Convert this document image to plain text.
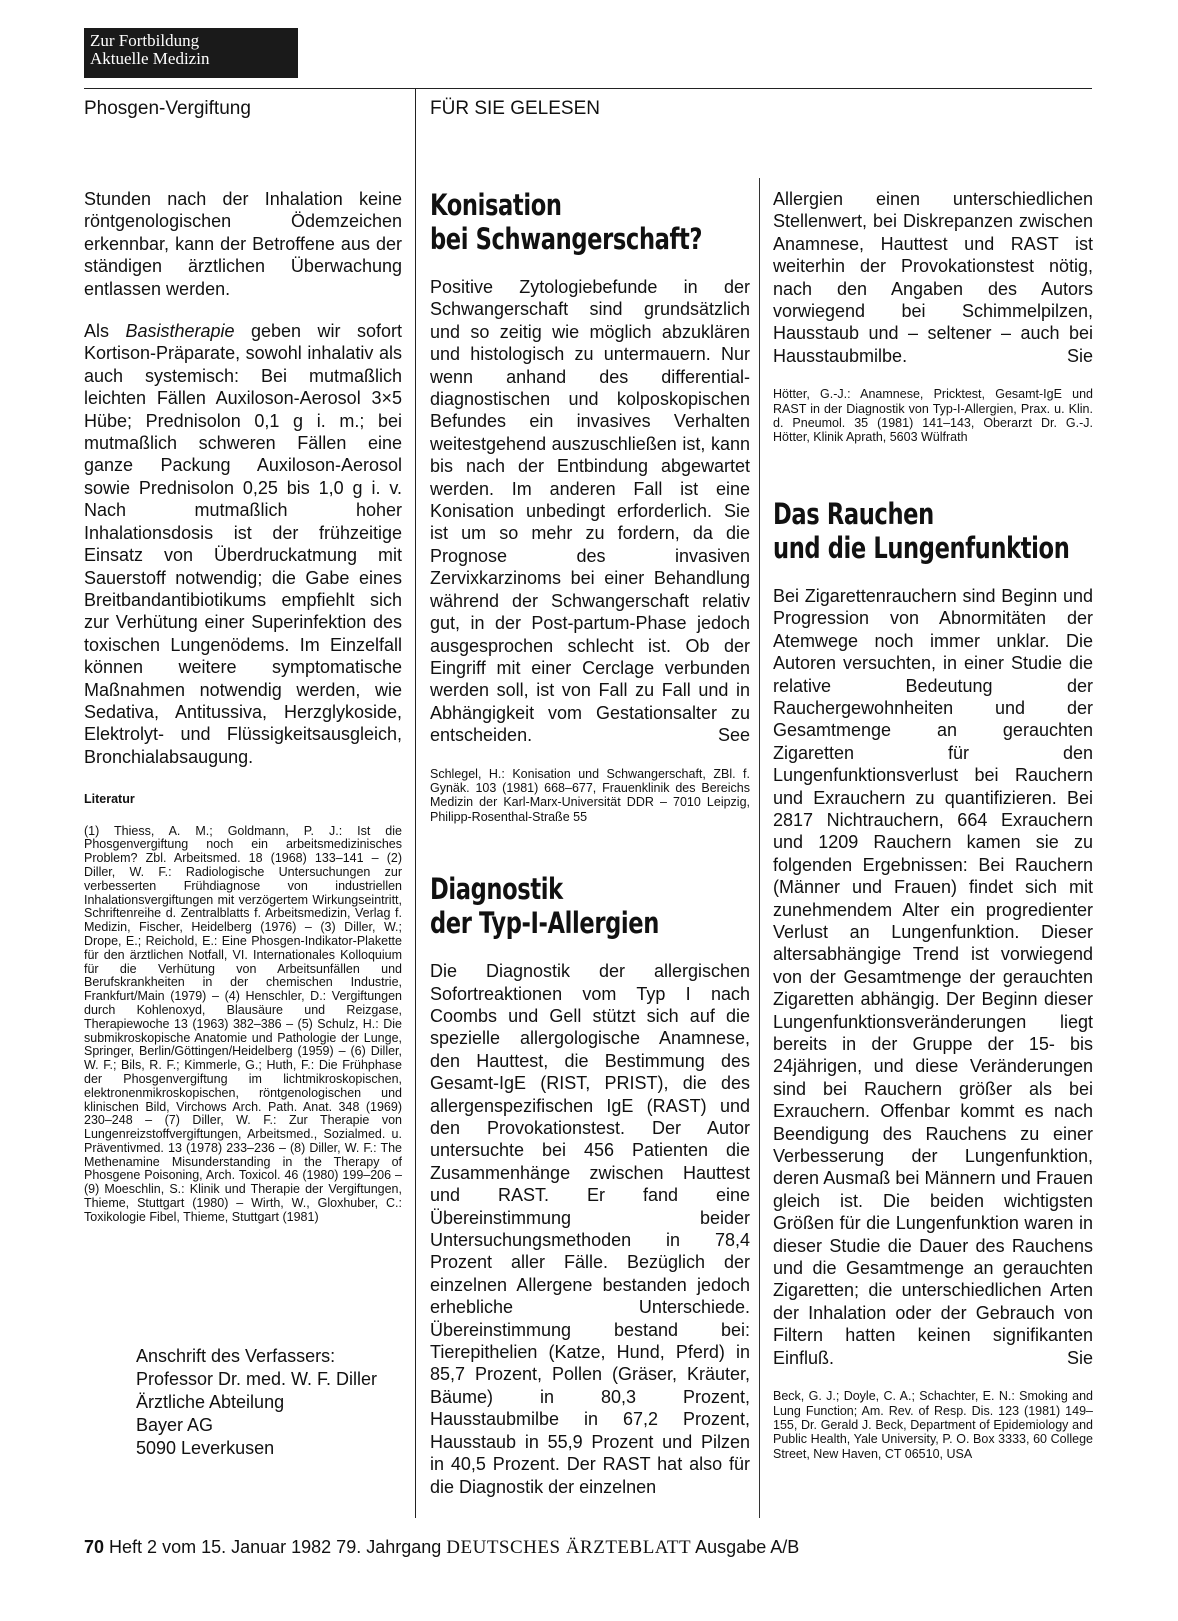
Zur Fortbildung
Aktuelle Medizin
Phosgen-Vergiftung	FÜR SIE GELESEN

Stunden nach der Inhalation keine röntgenologischen Ödemzeichen erkennbar, kann der Betroffene aus der ständigen ärztlichen Überwachung entlassen werden.

Als Basistherapie geben wir sofort Kortison-Präparate, sowohl inhalativ als auch systemisch: Bei mutmaßlich leichten Fällen Auxiloson-Aerosol 3×5 Hübe; Prednisolon 0,1 g i. m.; bei mutmaßlich schweren Fällen eine ganze Packung Auxiloson-Aerosol sowie Prednisolon 0,25 bis 1,0 g i. v. Nach mutmaßlich hoher Inhalationsdosis ist der frühzeitige Einsatz von Überdruckatmung mit Sauerstoff notwendig; die Gabe eines Breitbandantibiotikums empfiehlt sich zur Verhütung einer Superinfektion des toxischen Lungenödems. Im Einzelfall können weitere symptomatische Maßnahmen notwendig werden, wie Sedativa, Antitussiva, Herzglykoside, Elektrolyt- und Flüssigkeitsausgleich, Bronchialabsaugung.

Literatur

(1) Thiess, A. M.; Goldmann, P. J.: Ist die Phosgenvergiftung noch ein arbeitsmedizinisches Problem? Zbl. Arbeitsmed. 18 (1968) 133–141 – (2) Diller, W. F.: Radiologische Untersuchungen zur verbesserten Frühdiagnose von industriellen Inhalationsvergiftungen mit verzögertem Wirkungseintritt, Schriftenreihe d. Zentralblatts f. Arbeitsmedizin, Verlag f. Medizin, Fischer, Heidelberg (1976) – (3) Diller, W.; Drope, E.; Reichold, E.: Eine Phosgen-Indikator-Plakette für den ärztlichen Notfall, VI. Internationales Kolloquium für die Verhütung von Arbeitsunfällen und Berufskrankheiten in der chemischen Industrie, Frankfurt/Main (1979) – (4) Henschler, D.: Vergiftungen durch Kohlenoxyd, Blausäure und Reizgase, Therapiewoche 13 (1963) 382–386 – (5) Schulz, H.: Die submikroskopische Anatomie und Pathologie der Lunge, Springer, Berlin/Göttingen/Heidelberg (1959) – (6) Diller, W. F.; Bils, R. F.; Kimmerle, G.; Huth, F.: Die Frühphase der Phosgenvergiftung im lichtmikroskopischen, elektronenmikroskopischen, röntgenologischen und klinischen Bild, Virchows Arch. Path. Anat. 348 (1969) 230–248 – (7) Diller, W. F.: Zur Therapie von Lungenreizstoffvergiftungen, Arbeitsmed., Sozialmed. u. Präventivmed. 13 (1978) 233–236 – (8) Diller, W. F.: The Methenamine Misunderstanding in the Therapy of Phosgene Poisoning, Arch. Toxicol. 46 (1980) 199–206 – (9) Moeschlin, S.: Klinik und Therapie der Vergiftungen, Thieme, Stuttgart (1980) – Wirth, W., Gloxhuber, C.: Toxikologie Fibel, Thieme, Stuttgart (1981)

Anschrift des Verfassers:
Professor Dr. med. W. F. Diller
Ärztliche Abteilung
Bayer AG
5090 Leverkusen
Konisation
bei Schwangerschaft?

Positive Zytologiebefunde in der Schwangerschaft sind grundsätzlich und so zeitig wie möglich abzuklären und histologisch zu untermauern. Nur wenn anhand des differential-diagnostischen und kolposkopischen Befundes ein invasives Verhalten weitestgehend auszuschließen ist, kann bis nach der Entbindung abgewartet werden. Im anderen Fall ist eine Konisation unbedingt erforderlich. Sie ist um so mehr zu fordern, da die Prognose des invasiven Zervixkarzinoms bei einer Behandlung während der Schwangerschaft relativ gut, in der Post-partum-Phase jedoch ausgesprochen schlecht ist. Ob der Eingriff mit einer Cerclage verbunden werden soll, ist von Fall zu Fall und in Abhängigkeit vom Gestationsalter zu entscheiden.	See

Schlegel, H.: Konisation und Schwangerschaft, ZBl. f. Gynäk. 103 (1981) 668–677, Frauenklinik des Bereichs Medizin der Karl-Marx-Universität DDR – 7010 Leipzig, Philipp-Rosenthal-Straße 55

Diagnostik
der Typ-I-Allergien

Die Diagnostik der allergischen Sofortreaktionen vom Typ I nach Coombs und Gell stützt sich auf die spezielle allergologische Anamnese, den Hauttest, die Bestimmung des Gesamt-IgE (RIST, PRIST), die des allergenspezifischen IgE (RAST) und den Provokationstest. Der Autor untersuchte bei 456 Patienten die Zusammenhänge zwischen Hauttest und RAST. Er fand eine Übereinstimmung beider Untersuchungsmethoden in 78,4 Prozent aller Fälle. Bezüglich der einzelnen Allergene bestanden jedoch erhebliche Unterschiede. Übereinstimmung bestand bei: Tierepithelien (Katze, Hund, Pferd) in 85,7 Prozent, Pollen (Gräser, Kräuter, Bäume) in 80,3 Prozent, Hausstaubmilbe in 67,2 Prozent, Hausstaub in 55,9 Prozent und Pilzen in 40,5 Prozent. Der RAST hat also für die Diagnostik der einzelnen

Allergien einen unterschiedlichen Stellenwert, bei Diskrepanzen zwischen Anamnese, Hauttest und RAST ist weiterhin der Provokationstest nötig, nach den Angaben des Autors vorwiegend bei Schimmelpilzen, Hausstaub und – seltener – auch bei Hausstaubmilbe.	Sie

Hötter, G.-J.: Anamnese, Pricktest, Gesamt-IgE und RAST in der Diagnostik von Typ-I-Allergien, Prax. u. Klin. d. Pneumol. 35 (1981) 141–143, Oberarzt Dr. G.-J. Hötter, Klinik Aprath, 5603 Wülfrath

Das Rauchen
und die Lungenfunktion

Bei Zigarettenrauchern sind Beginn und Progression von Abnormitäten der Atemwege noch immer unklar. Die Autoren versuchten, in einer Studie die relative Bedeutung der Rauchergewohnheiten und der Gesamtmenge an gerauchten Zigaretten für den Lungenfunktionsverlust bei Rauchern und Exrauchern zu quantifizieren. Bei 2817 Nichtrauchern, 664 Exrauchern und 1209 Rauchern kamen sie zu folgenden Ergebnissen: Bei Rauchern (Männer und Frauen) findet sich mit zunehmendem Alter ein progredienter Verlust an Lungenfunktion. Dieser altersabhängige Trend ist vorwiegend von der Gesamtmenge der gerauchten Zigaretten abhängig. Der Beginn dieser Lungenfunktionsveränderungen liegt bereits in der Gruppe der 15- bis 24jährigen, und diese Veränderungen sind bei Rauchern größer als bei Exrauchern. Offenbar kommt es nach Beendigung des Rauchens zu einer Verbesserung der Lungenfunktion, deren Ausmaß bei Männern und Frauen gleich ist. Die beiden wichtigsten Größen für die Lungenfunktion waren in dieser Studie die Dauer des Rauchens und die Gesamtmenge an gerauchten Zigaretten; die unterschiedlichen Arten der Inhalation oder der Gebrauch von Filtern hatten keinen signifikanten Einfluß.	Sie

Beck, G. J.; Doyle, C. A.; Schachter, E. N.: Smoking and Lung Function; Am. Rev. of Resp. Dis. 123 (1981) 149–155, Dr. Gerald J. Beck, Department of Epidemiology and Public Health, Yale University, P. O. Box 3333, 60 College Street, New Haven, CT 06510, USA

70 Heft 2 vom 15. Januar 1982 79. Jahrgang DEUTSCHES ÄRZTEBLATT Ausgabe A/B
